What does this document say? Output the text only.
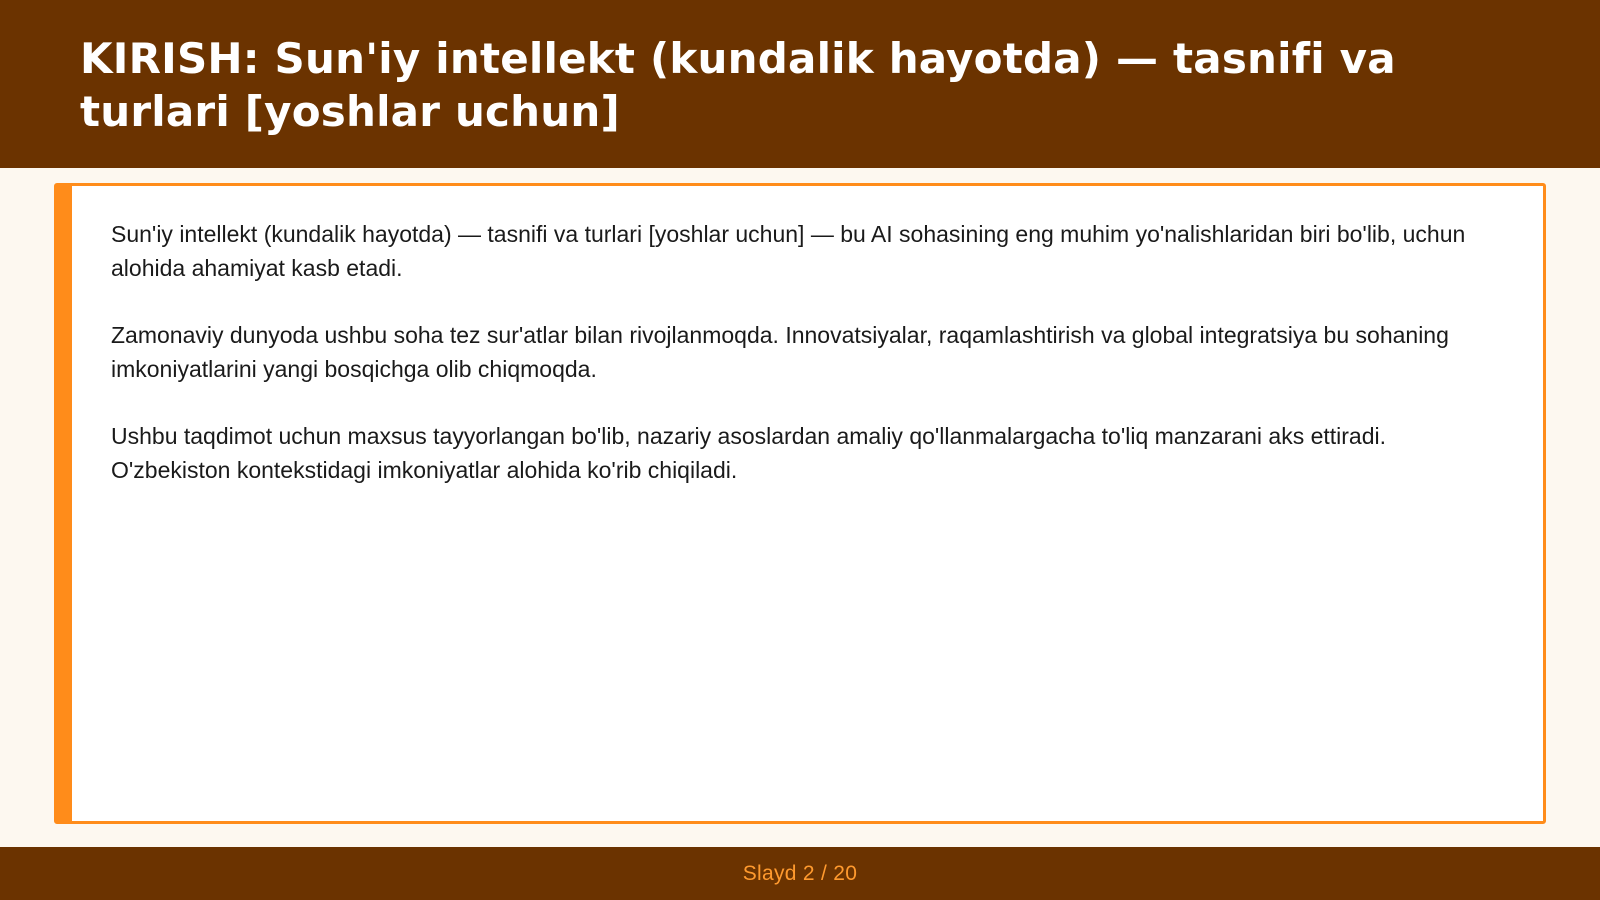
KIRISH: Sun'iy intellekt (kundalik hayotda) — tasnifi va turlari [yoshlar uchun]

Sun'iy intellekt (kundalik hayotda) — tasnifi va turlari [yoshlar uchun] — bu AI sohasining eng muhim yo'nalishlaridan biri bo'lib, uchun alohida ahamiyat kasb etadi.

Zamonaviy dunyoda ushbu soha tez sur'atlar bilan rivojlanmoqda. Innovatsiyalar, raqamlashtirish va global integratsiya bu sohaning imkoniyatlarini yangi bosqichga olib chiqmoqda.

Ushbu taqdimot uchun maxsus tayyorlangan bo'lib, nazariy asoslardan amaliy qo'llanmalargacha to'liq manzarani aks ettiradi. O'zbekiston kontekstidagi imkoniyatlar alohida ko'rib chiqiladi.

Slayd 2 / 20
